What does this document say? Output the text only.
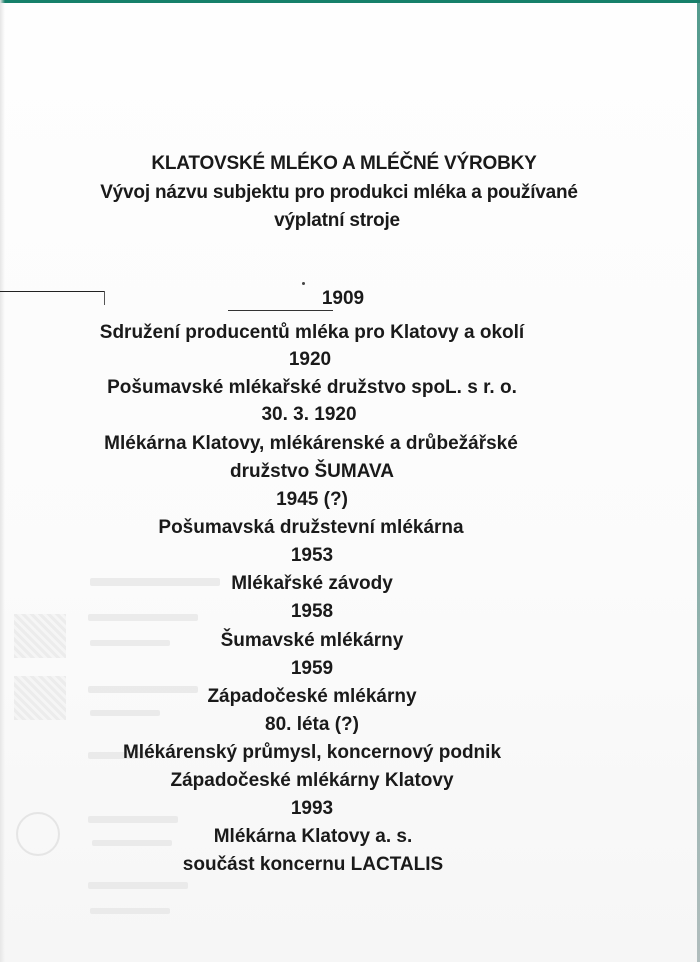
KLATOVSKÉ MLÉKO A MLÉČNÉ VÝROBKY
Vývoj názvu subjektu pro produkci mléka a používané
výplatní stroje
1909
Sdružení producentů mléka pro Klatovy a okolí
1920
Pošumavské mlékařské družstvo spoL. s r. o.
30. 3. 1920
Mlékárna Klatovy, mlékárenské a drůbežářské
družstvo ŠUMAVA
1945 (?)
Pošumavská družstevní mlékárna
1953
Mlékařské závody
1958
Šumavské mlékárny
1959
Západočeské mlékárny
80. léta (?)
Mlékárenský průmysl, koncernový podnik
Západočeské mlékárny Klatovy
1993
Mlékárna Klatovy a. s.
součást koncernu LACTALIS
